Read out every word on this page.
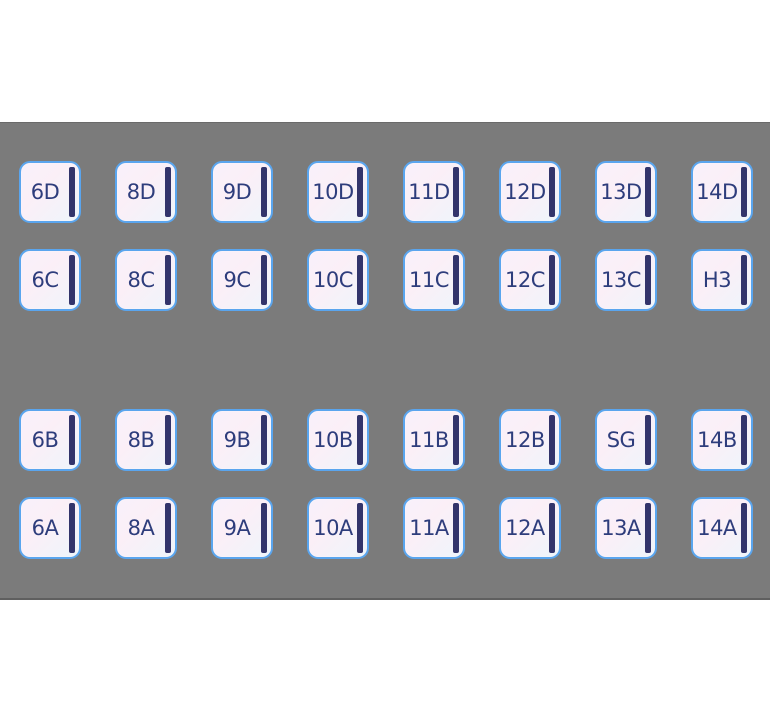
6D	8D	9D	10D	11D	12D	13D	14D
6C	8C	9C	10C	11C	12C	13C	H3
6B	8B	9B	10B	11B	12B	SG	14B
6A	8A	9A	10A	11A	12A	13A	14A
